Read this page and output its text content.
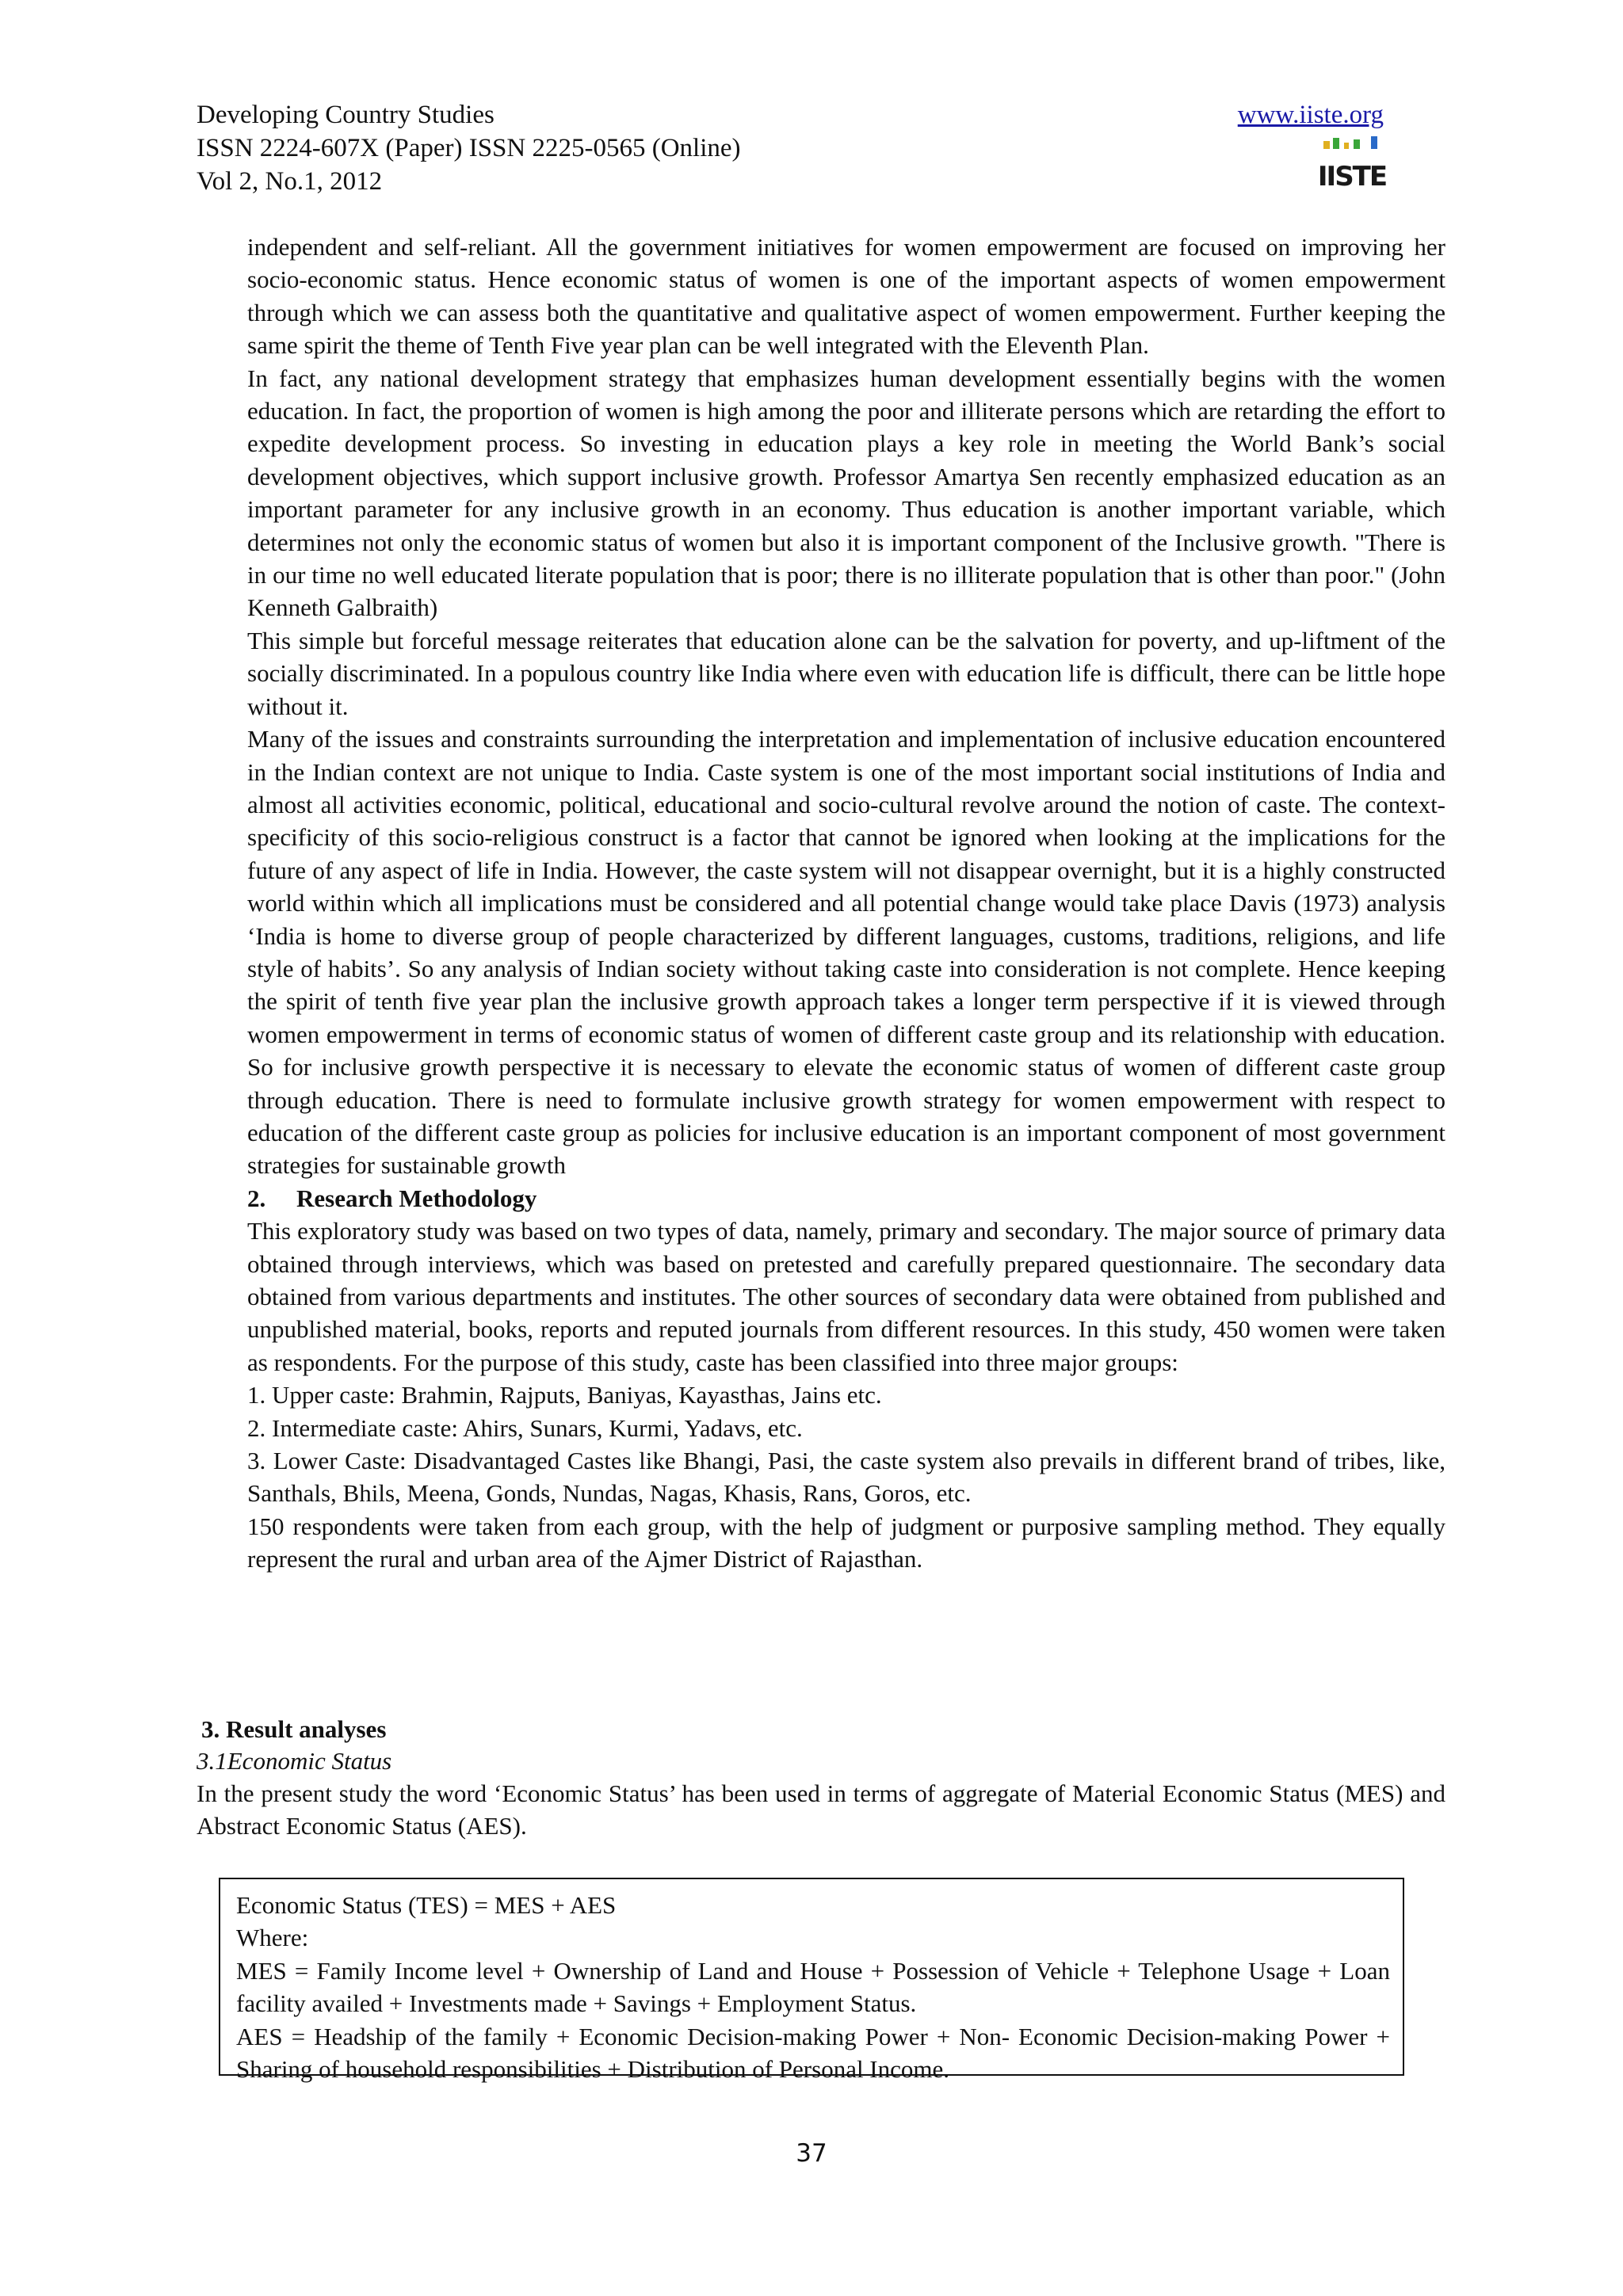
Developing Country Studies
ISSN 2224-607X (Paper) ISSN 2225-0565 (Online)
Vol 2, No.1, 2012
www.iiste.org
IISTE

independent and self-reliant. All the government initiatives for women empowerment are focused on improving her socio-economic status. Hence economic status of women is one of the important aspects of women empowerment through which we can assess both the quantitative and qualitative aspect of women empowerment. Further keeping the same spirit the theme of Tenth Five year plan can be well integrated with the Eleventh Plan.

In fact, any national development strategy that emphasizes human development essentially begins with the women education. In fact, the proportion of women is high among the poor and illiterate persons which are retarding the effort to expedite development process. So investing in education plays a key role in meeting the World Bank’s social development objectives, which support inclusive growth. Professor Amartya Sen recently emphasized education as an important parameter for any inclusive growth in an economy. Thus education is another important variable, which determines not only the economic status of women but also it is important component of the Inclusive growth. "There is in our time no well educated literate population that is poor; there is no illiterate population that is other than poor." (John Kenneth Galbraith)

This simple but forceful message reiterates that education alone can be the salvation for poverty, and up-liftment of the socially discriminated. In a populous country like India where even with education life is difficult, there can be little hope without it.

Many of the issues and constraints surrounding the interpretation and implementation of inclusive education encountered in the Indian context are not unique to India. Caste system is one of the most important social institutions of India and almost all activities economic, political, educational and socio-cultural revolve around the notion of caste. The context-specificity of this socio-religious construct is a factor that cannot be ignored when looking at the implications for the future of any aspect of life in India. However, the caste system will not disappear overnight, but it is a highly constructed world within which all implications must be considered and all potential change would take place Davis (1973) analysis ‘India is home to diverse group of people characterized by different languages, customs, traditions, religions, and life style of habits’. So any analysis of Indian society without taking caste into consideration is not complete. Hence keeping the spirit of tenth five year plan the inclusive growth approach takes a longer term perspective if it is viewed through women empowerment in terms of economic status of women of different caste group and its relationship with education. So for inclusive growth perspective it is necessary to elevate the economic status of women of different caste group through education. There is need to formulate inclusive growth strategy for women empowerment with respect to education of the different caste group as policies for inclusive education is an important component of most government strategies for sustainable growth

2. Research Methodology

This exploratory study was based on two types of data, namely, primary and secondary. The major source of primary data obtained through interviews, which was based on pretested and carefully prepared questionnaire. The secondary data obtained from various departments and institutes. The other sources of secondary data were obtained from published and unpublished material, books, reports and reputed journals from different resources. In this study, 450 women were taken as respondents. For the purpose of this study, caste has been classified into three major groups:

1. Upper caste: Brahmin, Rajputs, Baniyas, Kayasthas, Jains etc.

2. Intermediate caste: Ahirs, Sunars, Kurmi, Yadavs, etc.

3. Lower Caste: Disadvantaged Castes like Bhangi, Pasi, the caste system also prevails in different brand of tribes, like, Santhals, Bhils, Meena, Gonds, Nundas, Nagas, Khasis, Rans, Goros, etc.

150 respondents were taken from each group, with the help of judgment or purposive sampling method. They equally represent the rural and urban area of the Ajmer District of Rajasthan.

3. Result analyses
3.1Economic Status
In the present study the word ‘Economic Status’ has been used in terms of aggregate of Material Economic Status (MES) and Abstract Economic Status (AES).

Economic Status (TES) = MES + AES

Where:

MES = Family Income level + Ownership of Land and House + Possession of Vehicle + Telephone Usage + Loan facility availed + Investments made + Savings + Employment Status.

AES = Headship of the family + Economic Decision-making Power + Non- Economic Decision-making Power + Sharing of household responsibilities + Distribution of Personal Income.

37
